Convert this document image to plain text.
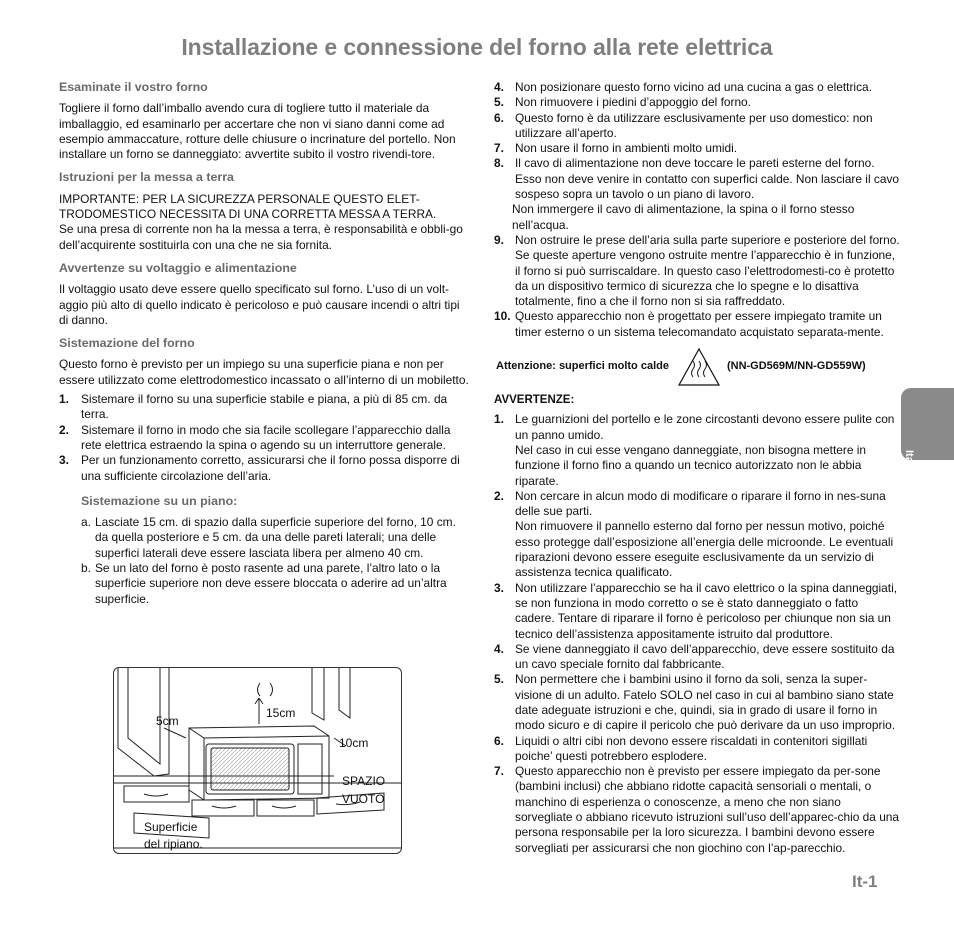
Installazione e connessione del forno alla rete elettrica
Esaminate il vostro forno

Togliere il forno dall’imballo avendo cura di togliere tutto il materiale da imballaggio, ed esaminarlo per accertare che non vi siano danni come ad esempio ammaccature, rotture delle chiusure o incrinature del portello. Non installare un forno se danneggiato: avvertite subito il vostro rivendi-tore.

Istruzioni per la messa a terra

IMPORTANTE: PER LA SICUREZZA PERSONALE QUESTO ELET-TRODOMESTICO NECESSITA DI UNA CORRETTA MESSA A TERRA.

Se una presa di corrente non ha la messa a terra, è responsabilità e obbli-go dell’acquirente sostituirla con una che ne sia fornita.

Avvertenze su voltaggio e alimentazione

Il voltaggio usato deve essere quello specificato sul forno. L’uso di un volt-aggio più alto di quello indicato è pericoloso e può causare incendi o altri tipi di danno.

Sistemazione del forno

Questo forno è previsto per un impiego su una superficie piana e non per essere utilizzato come elettrodomestico incassato o all’interno di un mobiletto.

1. Sistemare il forno su una superficie stabile e piana, a più di 85 cm. da terra.
2. Sistemare il forno in modo che sia facile scollegare l’apparecchio dalla rete elettrica estraendo la spina o agendo su un interruttore generale.
3. Per un funzionamento corretto, assicurarsi che il forno possa disporre di una sufficiente circolazione dell’aria.
Sistemazione su un piano:
a. Lasciate 15 cm. di spazio dalla superficie superiore del forno, 10 cm. da quella posteriore e 5 cm. da una delle pareti laterali; una delle superfici laterali deve essere lasciata libera per almeno 40 cm.
b. Se un lato del forno è posto rasente ad una parete, l’altro lato o la superficie superiore non deve essere bloccata o aderire ad un’altra superficie.
5cm
15cm
10cm
SPAZIO
VUOTO
Superficie
del ripiano.
4. Non posizionare questo forno vicino ad una cucina a gas o elettrica.
5. Non rimuovere i piedini d’appoggio del forno.
6. Questo forno è da utilizzare esclusivamente per uso domestico: non utilizzare all’aperto.
7. Non usare il forno in ambienti molto umidi.
8. Il cavo di alimentazione non deve toccare le pareti esterne del forno. Esso non deve venire in contatto con superfici calde. Non lasciare il cavo sospeso sopra un tavolo o un piano di lavoro.

Non immergere il cavo di alimentazione, la spina o il forno stesso nell’acqua.

9. Non ostruire le prese dell’aria sulla parte superiore e posteriore del forno. Se queste aperture vengono ostruite mentre l’apparecchio è in funzione, il forno si può surriscaldare. In questo caso l’elettrodomesti-co è protetto da un dispositivo termico di sicurezza che lo spegne e lo disattiva totalmente, fino a che il forno non si sia raffreddato.
10. Questo apparecchio non è progettato per essere impiegato tramite un timer esterno o un sistema telecomandato acquistato separata-mente.
Attenzione: superfici molto calde	(NN-GD569M/NN-GD559W)
AVVERTENZE:
1. Le guarnizioni del portello e le zone circostanti devono essere pulite con un panno umido.
Nel caso in cui esse vengano danneggiate, non bisogna mettere in funzione il forno fino a quando un tecnico autorizzato non le abbia riparate.
2. Non cercare in alcun modo di modificare o riparare il forno in nes-suna delle sue parti.
Non rimuovere il pannello esterno dal forno per nessun motivo, poiché esso protegge dall’esposizione all’energia delle microonde. Le eventuali riparazioni devono essere eseguite esclusivamente da un servizio di assistenza tecnica qualificato.
3. Non utilizzare l’apparecchio se ha il cavo elettrico o la spina danneggiati, se non funziona in modo corretto o se è stato danneggiato o fatto cadere. Tentare di riparare il forno è pericoloso per chiunque non sia un tecnico dell’assistenza appositamente istruito dal produttore.
4. Se viene danneggiato il cavo dell’apparecchio, deve essere sostituito da un cavo speciale fornito dal fabbricante.
5. Non permettere che i bambini usino il forno da soli, senza la super-visione di un adulto. Fatelo SOLO nel caso in cui al bambino siano state date adeguate istruzioni e che, quindi, sia in grado di usare il forno in modo sicuro e di capire il pericolo che può derivare da un uso improprio.
6. Liquidi o altri cibi non devono essere riscaldati in contenitori sigillati poiche’ questi potrebbero esplodere.
7. Questo apparecchio non è previsto per essere impiegato da per-sone (bambini inclusi) che abbiano ridotte capacità sensoriali o mentali, o manchino di esperienza o conoscenze, a meno che non siano sorvegliate o abbiano ricevuto istruzioni sull’uso dell’apparec-chio da una persona responsabile per la loro sicurezza. I bambini devono essere sorvegliati per assicurarsi che non giochino con l’ap-parecchio.
Italiano
It-1
